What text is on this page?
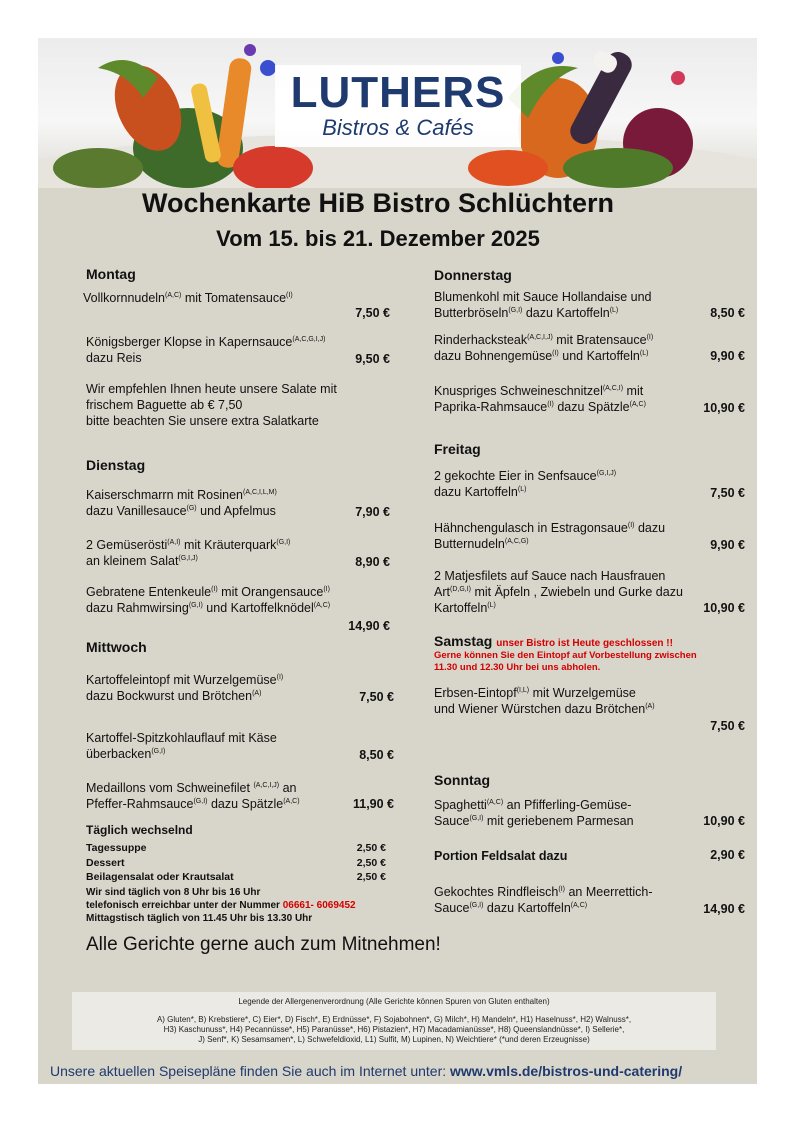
LUTHERS
Bistros & Cafés
Wochenkarte HiB Bistro Schlüchtern
Vom 15. bis 21. Dezember 2025
Montag
Vollkornnudeln$^{(A,C)}$ mit Tomatensauce$^{(I)}$
7,50 €
Königsberger Klopse in Kapernsauce$^{(A,C,G,I,J)}$
dazu Reis	9,50 €
Wir empfehlen Ihnen heute unsere Salate mit
frischem Baguette ab € 7,50
bitte beachten Sie unsere extra Salatkarte
Dienstag
Kaiserschmarrn mit Rosinen$^{(A,C,I,L,M)}$
dazu Vanillesauce$^{(G)}$ und Apfelmus	7,90 €
2 Gemüserösti$^{(A,I)}$ mit Kräuterquark$^{(G,I)}$
an kleinem Salat$^{(G,I,J)}$	8,90 €
Gebratene Entenkeule$^{(I)}$ mit Orangensauce$^{(I)}$
dazu Rahmwirsing$^{(G,I)}$ und Kartoffelknödel$^{(A,C)}$
14,90 €
Mittwoch
Kartoffeleintopf mit Wurzelgemüse$^{(I)}$
dazu Bockwurst und Brötchen$^{(A)}$	7,50 €
Kartoffel-Spitzkohlauflauf mit Käse
überbacken$^{(G,I)}$	8,50 €
Medaillons vom Schweinefilet $^{(A,C,I,J)}$ an
Pfeffer-Rahmsauce$^{(G,I)}$ dazu Spätzle$^{(A,C)}$	11,90 €
Täglich wechselnd
Tagessuppe	2,50 €
Dessert	2,50 €
Beilagensalat oder Krautsalat	2,50 €
Wir sind täglich von 8 Uhr bis 16 Uhr
telefonisch erreichbar unter der Nummer 06661- 6069452
Mittagstisch täglich von 11.45 Uhr bis 13.30 Uhr
Alle Gerichte gerne auch zum Mitnehmen!
Donnerstag
Blumenkohl mit Sauce Hollandaise und
Butterbröseln$^{(G,I)}$ dazu Kartoffeln$^{(L)}$	8,50 €
Rinderhacksteak$^{(A,C,I,J)}$ mit Bratensauce$^{(I)}$
dazu Bohnengemüse$^{(I)}$ und Kartoffeln$^{(L)}$	9,90 €
Knuspriges Schweineschnitzel$^{(A,C,I)}$ mit
Paprika-Rahmsauce$^{(I)}$ dazu Spätzle$^{(A,C)}$	10,90 €
Freitag
2 gekochte Eier in Senfsauce$^{(G,I,J)}$
dazu Kartoffeln$^{(L)}$	7,50 €
Hähnchengulasch in Estragonsaue$^{(I)}$ dazu
Butternudeln$^{(A,C,G)}$	9,90 €
2 Matjesfilets auf Sauce nach Hausfrauen
Art$^{(D,G,I)}$ mit Äpfeln , Zwiebeln und Gurke dazu
Kartoffeln$^{(L)}$	10,90 €
Samstag unser Bistro ist Heute geschlossen !!
Gerne können Sie den Eintopf auf Vorbestellung zwischen
11.30 und 12.30 Uhr bei uns abholen.
Erbsen-Eintopf$^{(I,L)}$ mit Wurzelgemüse
und Wiener Würstchen dazu Brötchen$^{(A)}$
7,50 €
Sonntag
Spaghetti$^{(A,C)}$ an Pfifferling-Gemüse-
Sauce$^{(G,I)}$ mit geriebenem Parmesan	10,90 €
Portion Feldsalat dazu	2,90 €
Gekochtes Rindfleisch$^{(I)}$ an Meerrettich-
Sauce$^{(G,I)}$ dazu Kartoffeln$^{(A,C)}$	14,90 €
Legende der Allergenenverordnung (Alle Gerichte können Spuren von Gluten enthalten)
A) Gluten*, B) Krebstiere*, C) Eier*, D) Fisch*, E) Erdnüsse*, F) Sojabohnen*, G) Milch*, H) Mandeln*, H1) Haselnuss*, H2) Walnuss*,
H3) Kaschunuss*, H4) Pecannüsse*, H5) Paranüsse*, H6) Pistazien*, H7) Macadamianüsse*, H8) Queenslandnüsse*, I) Sellerie*,
J) Senf*, K) Sesamsamen*, L) Schwefeldioxid, L1) Sulfit, M) Lupinen, N) Weichtiere* (*und deren Erzeugnisse)
Unsere aktuellen Speisepläne finden Sie auch im Internet unter: www.vmls.de/bistros-und-catering/
